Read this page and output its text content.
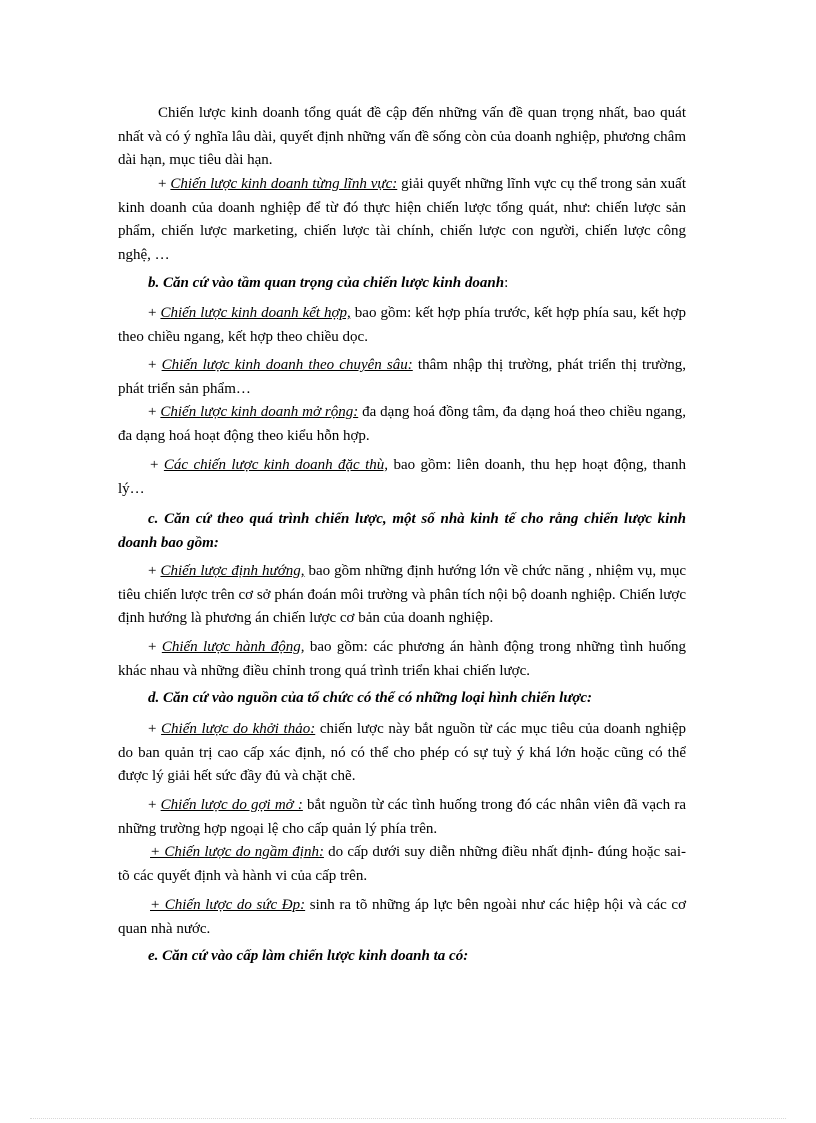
Chiến lược kinh doanh tổng quát đề cập đến những vấn đề quan trọng nhất, bao quát nhất và có ý nghĩa lâu dài, quyết định những vấn đề sống còn của doanh nghiệp, phương châm dài hạn, mục tiêu dài hạn.

+ Chiến lược kinh doanh từng lĩnh vực: giải quyết những lĩnh vực cụ thể trong sản xuất kinh doanh của doanh nghiệp để từ đó thực hiện chiến lược tổng quát, như: chiến lược sản phẩm, chiến lược marketing, chiến lược tài chính, chiến lược con người, chiến lược công nghệ, …

b. Căn cứ vào tầm quan trọng của chiến lược kinh doanh:

+ Chiến lược kinh doanh kết hợp, bao gồm: kết hợp phía trước, kết hợp phía sau, kết hợp theo chiều ngang, kết hợp theo chiều dọc.

+ Chiến lược kinh doanh theo chuyên sâu: thâm nhập thị trường, phát triển thị trường, phát triển sản phẩm…

+ Chiến lược kinh doanh mở rộng: đa dạng hoá đồng tâm, đa dạng hoá theo chiều ngang, đa dạng hoá hoạt động theo kiểu hỗn hợp.

+ Các chiến lược kinh doanh đặc thù, bao gồm: liên doanh, thu hẹp hoạt động, thanh lý…

c. Căn cứ theo quá trình chiến lược, một số nhà kinh tế cho rằng chiến lược kinh doanh bao gồm:

+ Chiến lược định hướng, bao gồm những định hướng lớn về chức năng , nhiệm vụ, mục tiêu chiến lược trên cơ sở phán đoán môi trường và phân tích nội bộ doanh nghiệp. Chiến lược định hướng là phương án chiến lược cơ bản của doanh nghiệp.

+ Chiến lược hành động, bao gồm: các phương án hành động trong những tình huống khác nhau và những điều chỉnh trong quá trình triển khai chiến lược.

d. Căn cứ vào nguồn của tổ chức có thể có những loại hình chiến lược:

+ Chiến lược do khởi thảo: chiến lược này bắt nguồn từ các mục tiêu của doanh nghiệp do ban quản trị cao cấp xác định, nó có thể cho phép có sự tuỳ ý khá lớn hoặc cũng có thể được lý giải hết sức đầy đủ và chặt chẽ.

+ Chiến lược do gợi mở : bắt nguồn từ các tình huống trong đó các nhân viên đã vạch ra những trường hợp ngoại lệ cho cấp quản lý phía trên.

+ Chiến lược do ngầm định: do cấp dưới suy diễn những điều nhất định- đúng hoặc sai- tõ các quyết định và hành vi của cấp trên.

+ Chiến lược do sức Ðp: sinh ra tõ những áp lực bên ngoài như các hiệp hội và các cơ quan nhà nước.

e. Căn cứ vào cấp làm chiến lược kinh doanh ta có:
